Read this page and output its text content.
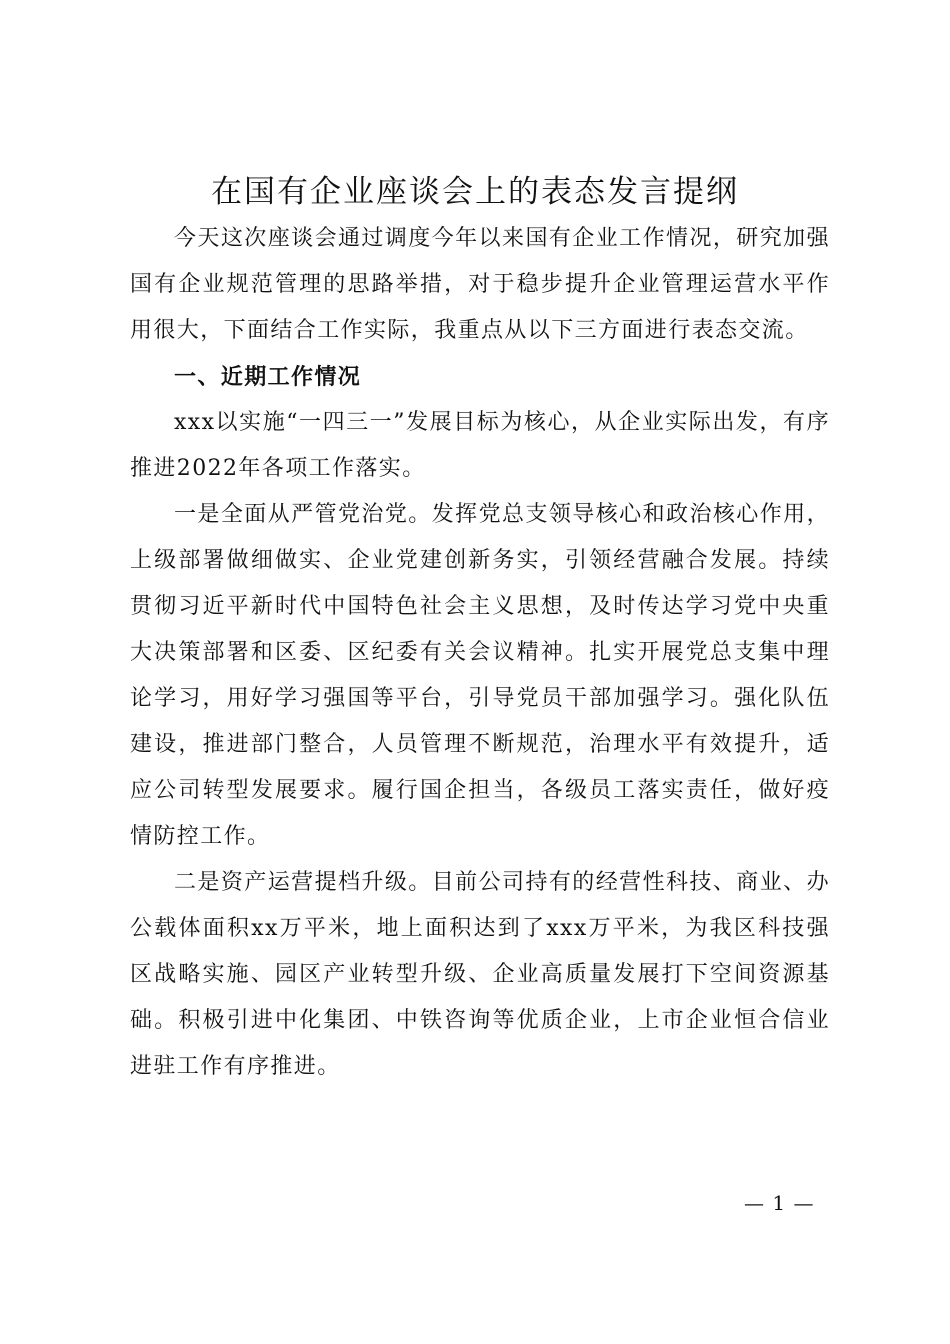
在国有企业座谈会上的表态发言提纲

今天这次座谈会通过调度今年以来国有企业工作情况，研究加强国有企业规范管理的思路举措，对于稳步提升企业管理运营水平作用很大，下面结合工作实际，我重点从以下三方面进行表态交流。

一、近期工作情况

xxx以实施“一四三一”发展目标为核心，从企业实际出发，有序推进2022年各项工作落实。

一是全面从严管党治党。发挥党总支领导核心和政治核心作用，上级部署做细做实、企业党建创新务实，引领经营融合发展。持续贯彻习近平新时代中国特色社会主义思想，及时传达学习党中央重大决策部署和区委、区纪委有关会议精神。扎实开展党总支集中理论学习，用好学习强国等平台，引导党员干部加强学习。强化队伍建设，推进部门整合，人员管理不断规范，治理水平有效提升，适应公司转型发展要求。履行国企担当，各级员工落实责任，做好疫情防控工作。

二是资产运营提档升级。目前公司持有的经营性科技、商业、办公载体面积xx万平米，地上面积达到了xxx万平米，为我区科技强区战略实施、园区产业转型升级、企业高质量发展打下空间资源基础。积极引进中化集团、中铁咨询等优质企业，上市企业恒合信业进驻工作有序推进。

— 1 —
